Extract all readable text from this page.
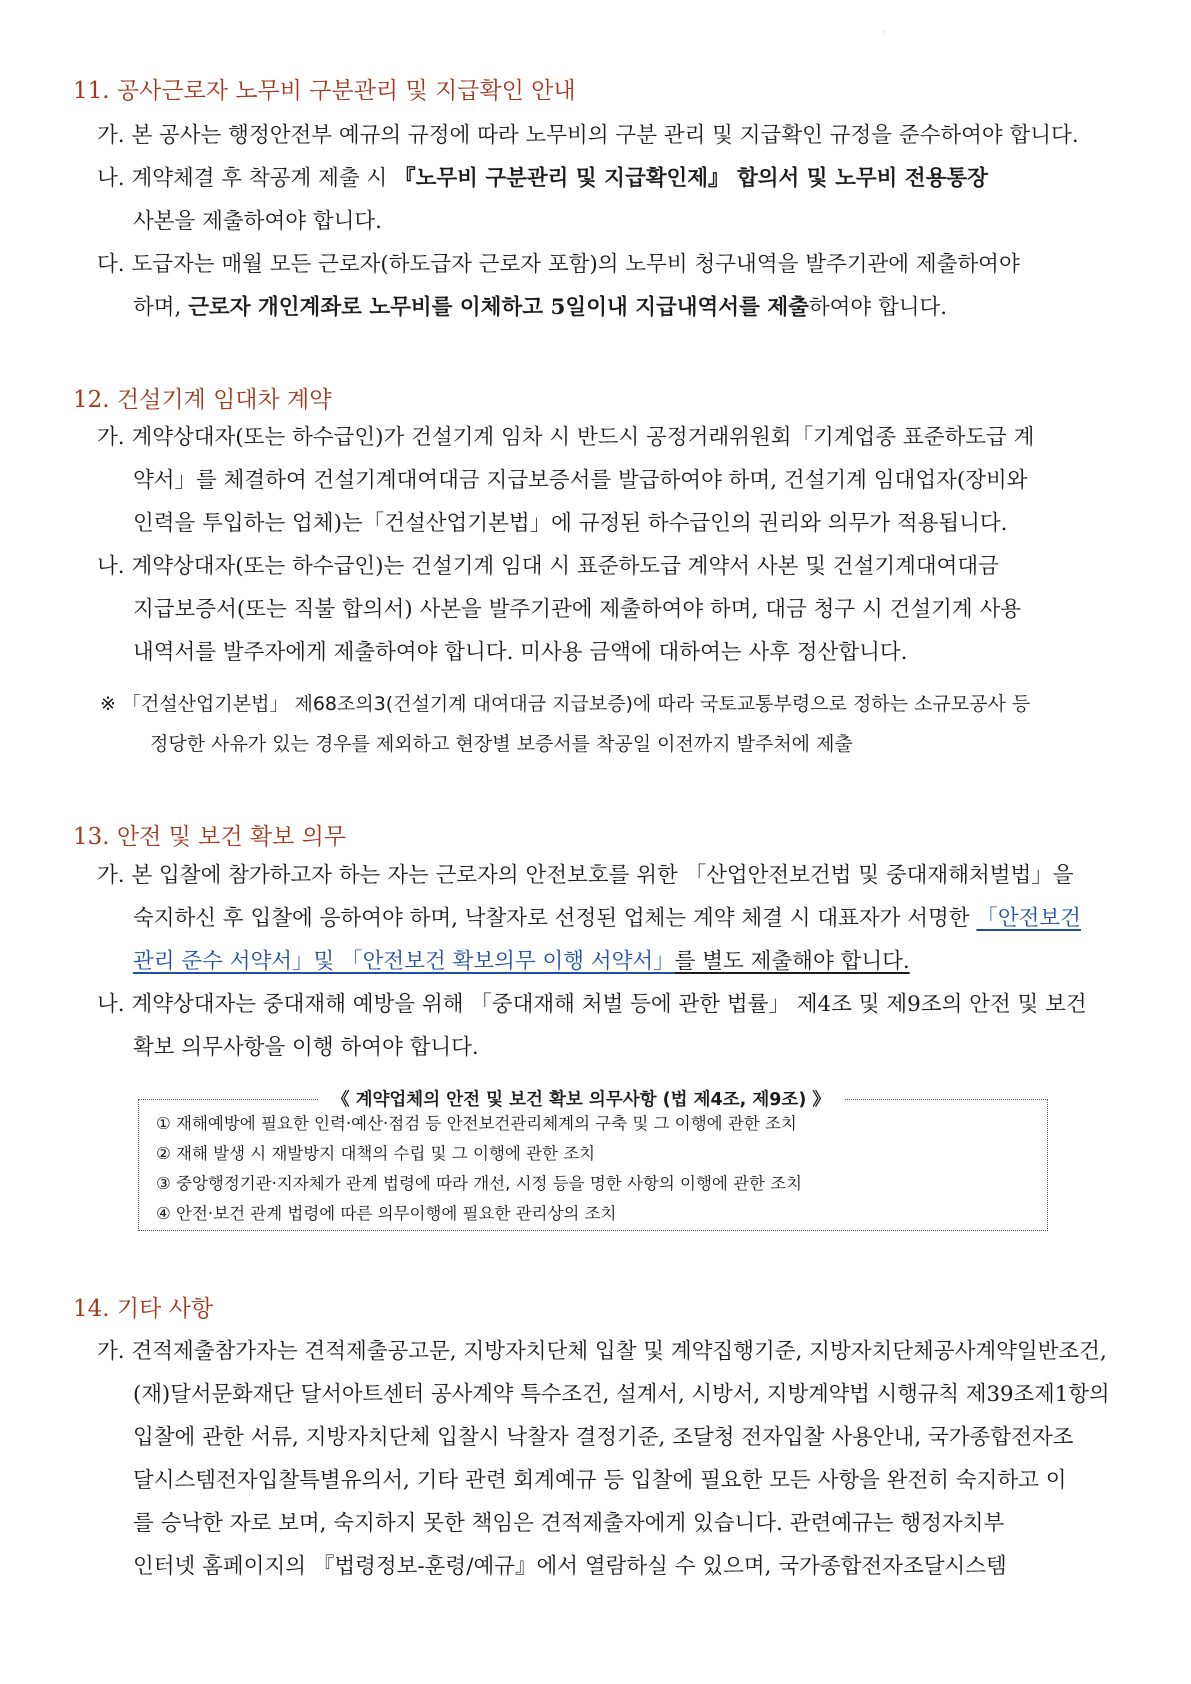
·
11. 공사근로자 노무비 구분관리 및 지급확인 안내

가. 본 공사는 행정안전부 예규의 규정에 따라 노무비의 구분 관리 및 지급확인 규정을 준수하여야 합니다.

나. 계약체결 후 착공계 제출 시 『노무비 구분관리 및 지급확인제』 합의서 및 노무비 전용통장

사본을 제출하여야 합니다.

다. 도급자는 매월 모든 근로자(하도급자 근로자 포함)의 노무비 청구내역을 발주기관에 제출하여야

하며, 근로자 개인계좌로 노무비를 이체하고 5일이내 지급내역서를 제출하여야 합니다.

12. 건설기계 임대차 계약

가. 계약상대자(또는 하수급인)가 건설기계 임차 시 반드시 공정거래위원회「기계업종 표준하도급 계

약서」를 체결하여 건설기계대여대금 지급보증서를 발급하여야 하며, 건설기계 임대업자(장비와

인력을 투입하는 업체)는「건설산업기본법」에 규정된 하수급인의 권리와 의무가 적용됩니다.

나. 계약상대자(또는 하수급인)는 건설기계 임대 시 표준하도급 계약서 사본 및 건설기계대여대금

지급보증서(또는 직불 합의서) 사본을 발주기관에 제출하여야 하며, 대금 청구 시 건설기계 사용

내역서를 발주자에게 제출하여야 합니다. 미사용 금액에 대하여는 사후 정산합니다.

※ 「건설산업기본법」 제68조의3(건설기계 대여대금 지급보증)에 따라 국토교통부령으로 정하는 소규모공사 등

정당한 사유가 있는 경우를 제외하고 현장별 보증서를 착공일 이전까지 발주처에 제출

13. 안전 및 보건 확보 의무

가. 본 입찰에 참가하고자 하는 자는 근로자의 안전보호를 위한 「산업안전보건법 및 중대재해처벌법」을

숙지하신 후 입찰에 응하여야 하며, 낙찰자로 선정된 업체는 계약 체결 시 대표자가 서명한 「안전보건

관리 준수 서약서」및 「안전보건 확보의무 이행 서약서」를 별도 제출해야 합니다.

나. 계약상대자는 중대재해 예방을 위해 「중대재해 처벌 등에 관한 법률」 제4조 및 제9조의 안전 및 보건

확보 의무사항을 이행 하여야 합니다.

《 계약업체의 안전 및 보건 확보 의무사항 (법 제4조, 제9조) 》
① 재해예방에 필요한 인력·예산·점검 등 안전보건관리체계의 구축 및 그 이행에 관한 조치
② 재해 발생 시 재발방지 대책의 수립 및 그 이행에 관한 조치
③ 중앙행정기관·지자체가 관계 법령에 따라 개선, 시정 등을 명한 사항의 이행에 관한 조치
④ 안전·보건 관계 법령에 따른 의무이행에 필요한 관리상의 조치
14. 기타 사항

가. 견적제출참가자는 견적제출공고문, 지방자치단체 입찰 및 계약집행기준, 지방자치단체공사계약일반조건,

(재)달서문화재단 달서아트센터 공사계약 특수조건, 설계서, 시방서, 지방계약법 시행규칙 제39조제1항의

입찰에 관한 서류, 지방자치단체 입찰시 낙찰자 결정기준, 조달청 전자입찰 사용안내, 국가종합전자조

달시스템전자입찰특별유의서, 기타 관련 회계예규 등 입찰에 필요한 모든 사항을 완전히 숙지하고 이

를 승낙한 자로 보며, 숙지하지 못한 책임은 견적제출자에게 있습니다. 관련예규는 행정자치부

인터넷 홈페이지의 『법령정보-훈령/예규』에서 열람하실 수 있으며, 국가종합전자조달시스템
